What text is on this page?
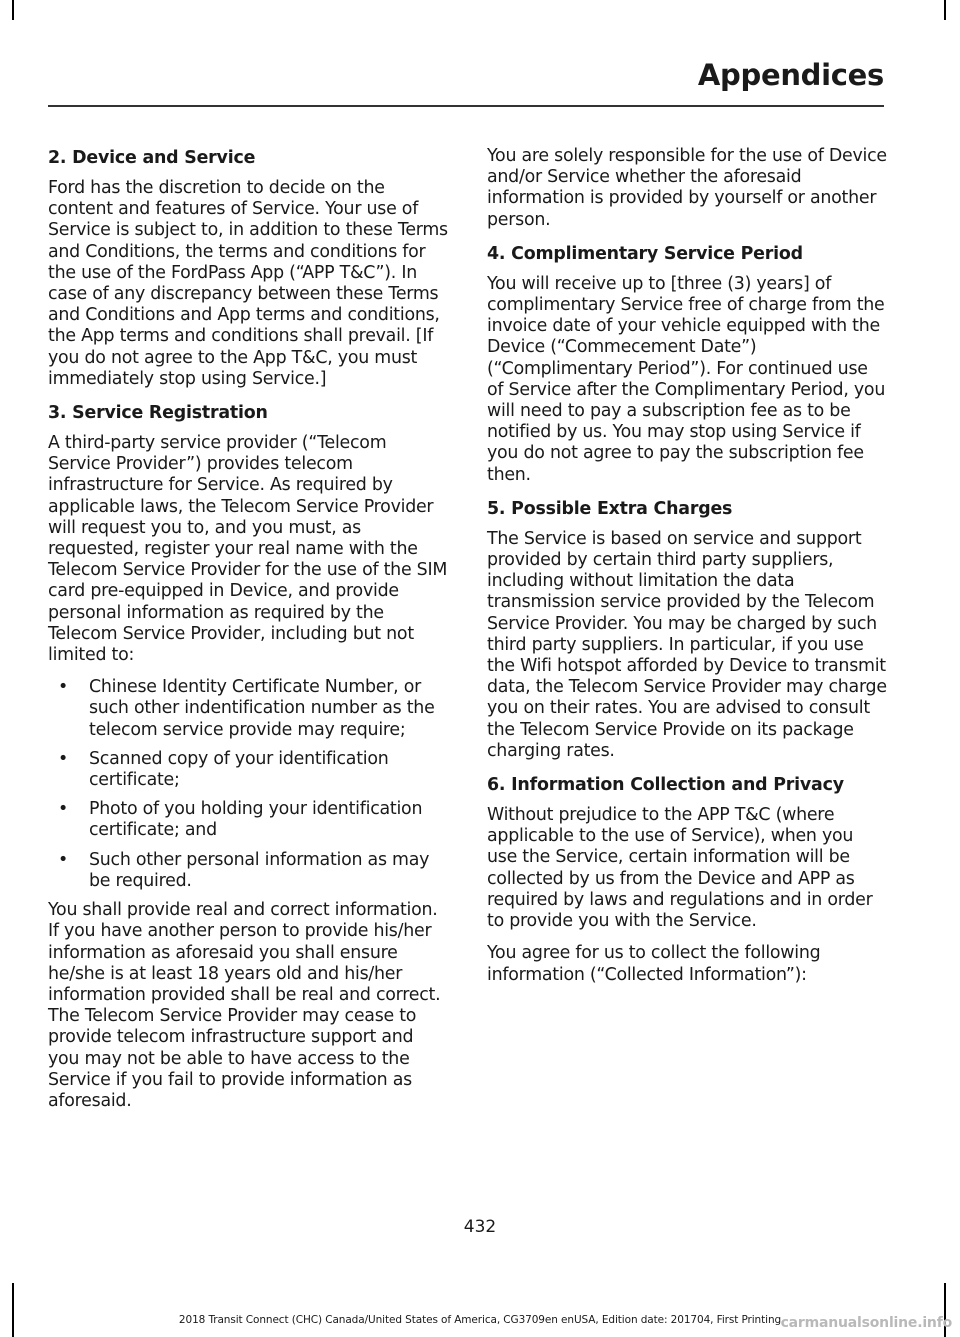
Appendices
2. Device and Service

Ford has the discretion to decide on the content and features of Service. Your use of Service is subject to, in addition to these Terms and Conditions, the terms and conditions for the use of the FordPass App (“APP T&C”). In case of any discrepancy between these Terms and Conditions and App terms and conditions, the App terms and conditions shall prevail. [If you do not agree to the App T&C, you must immediately stop using Service.]

3. Service Registration

A third-party service provider (“Telecom Service Provider”) provides telecom infrastructure for Service. As required by applicable laws, the Telecom Service Provider will request you to, and you must, as requested, register your real name with the Telecom Service Provider for the use of the SIM card pre-equipped in Device, and provide personal information as required by the Telecom Service Provider, including but not limited to:

• Chinese Identity Certificate Number, or such other indentification number as the telecom service provide may require;
• Scanned copy of your identification certificate;
• Photo of you holding your identification certificate; and
• Such other personal information as may be required.

You shall provide real and correct information. If you have another person to provide his/her information as aforesaid you shall ensure he/she is at least 18 years old and his/her information provided shall be real and correct. The Telecom Service Provider may cease to provide telecom infrastructure support and you may not be able to have access to the Service if you fail to provide information as aforesaid.

You are solely responsible for the use of Device and/or Service whether the aforesaid information is provided by yourself or another person.

4. Complimentary Service Period

You will receive up to [three (3) years] of complimentary Service free of charge from the invoice date of your vehicle equipped with the Device (“Commecement Date”) (“Complimentary Period”). For continued use of Service after the Complimentary Period, you will need to pay a subscription fee as to be notified by us. You may stop using Service if you do not agree to pay the subscription fee then.

5. Possible Extra Charges

The Service is based on service and support provided by certain third party suppliers, including without limitation the data transmission service provided by the Telecom Service Provider. You may be charged by such third party suppliers. In particular, if you use the Wifi hotspot afforded by Device to transmit data, the Telecom Service Provider may charge you on their rates. You are advised to consult the Telecom Service Provide on its package charging rates.

6. Information Collection and Privacy

Without prejudice to the APP T&C (where applicable to the use of Service), when you use the Service, certain information will be collected by us from the Device and APP as required by laws and regulations and in order to provide you with the Service.

You agree for us to collect the following information (“Collected Information”):

432
2018 Transit Connect (CHC) Canada/United States of America, CG3709en enUSA, Edition date: 201704, First Printing carmanualsonline.info
